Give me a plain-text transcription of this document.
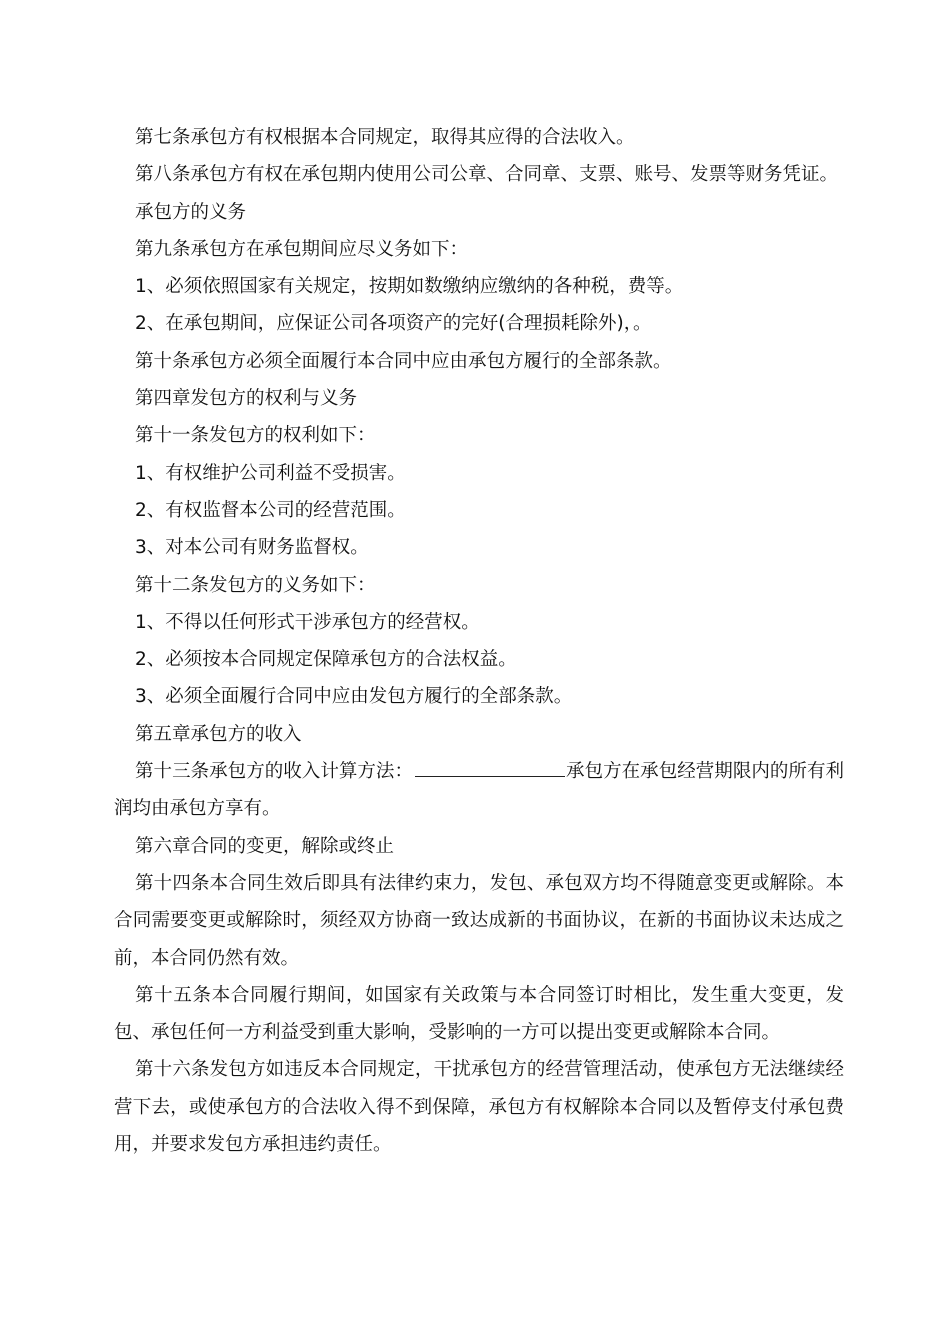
第七条承包方有权根据本合同规定，取得其应得的合法收入。

第八条承包方有权在承包期内使用公司公章、合同章、支票、账号、发票等财务凭证。

承包方的义务

第九条承包方在承包期间应尽义务如下：

1、必须依照国家有关规定，按期如数缴纳应缴纳的各种税，费等。

2、在承包期间，应保证公司各项资产的完好(合理损耗除外)，。

第十条承包方必须全面履行本合同中应由承包方履行的全部条款。

第四章发包方的权利与义务

第十一条发包方的权利如下：

1、有权维护公司利益不受损害。

2、有权监督本公司的经营范围。

3、对本公司有财务监督权。

第十二条发包方的义务如下：

1、不得以任何形式干涉承包方的经营权。

2、必须按本合同规定保障承包方的合法权益。

3、必须全面履行合同中应由发包方履行的全部条款。

第五章承包方的收入

第十三条承包方的收入计算方法：	承包方在承包经营期限内的所有利润均由承包方享有。

第六章合同的变更，解除或终止

第十四条本合同生效后即具有法律约束力，发包、承包双方均不得随意变更或解除。本合同需要变更或解除时，须经双方协商一致达成新的书面协议，在新的书面协议未达成之前，本合同仍然有效。

第十五条本合同履行期间，如国家有关政策与本合同签订时相比，发生重大变更，发包、承包任何一方利益受到重大影响，受影响的一方可以提出变更或解除本合同。

第十六条发包方如违反本合同规定，干扰承包方的经营管理活动，使承包方无法继续经营下去，或使承包方的合法收入得不到保障，承包方有权解除本合同以及暂停支付承包费用，并要求发包方承担违约责任。
